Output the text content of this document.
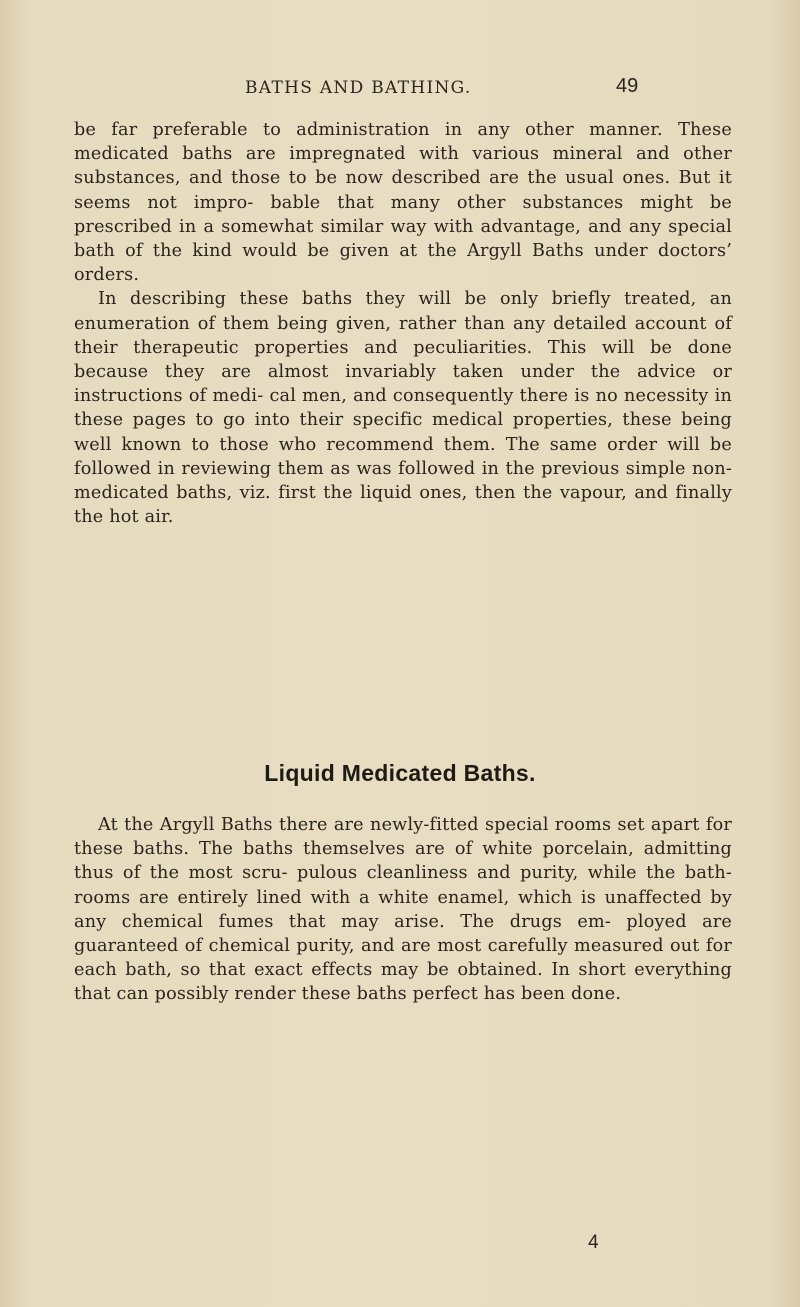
BATHS AND BATHING.	49

be far preferable to administration in any other manner. These medicated baths are impregnated with various mineral and other substances, and those to be now described are the usual ones. But it seems not impro- bable that many other substances might be prescribed in a somewhat similar way with advantage, and any special bath of the kind would be given at the Argyll Baths under doctors’ orders.

In describing these baths they will be only briefly treated, an enumeration of them being given, rather than any detailed account of their therapeutic properties and peculiarities. This will be done because they are almost invariably taken under the advice or instructions of medi- cal men, and consequently there is no necessity in these pages to go into their specific medical properties, these being well known to those who recommend them. The same order will be followed in reviewing them as was followed in the previous simple non-medicated baths, viz. first the liquid ones, then the vapour, and finally the hot air.

Liquid Medicated Baths.

At the Argyll Baths there are newly-fitted special rooms set apart for these baths. The baths themselves are of white porcelain, admitting thus of the most scru- pulous cleanliness and purity, while the bath-rooms are entirely lined with a white enamel, which is unaffected by any chemical fumes that may arise. The drugs em- ployed are guaranteed of chemical purity, and are most carefully measured out for each bath, so that exact effects may be obtained. In short everything that can possibly render these baths perfect has been done.

4
